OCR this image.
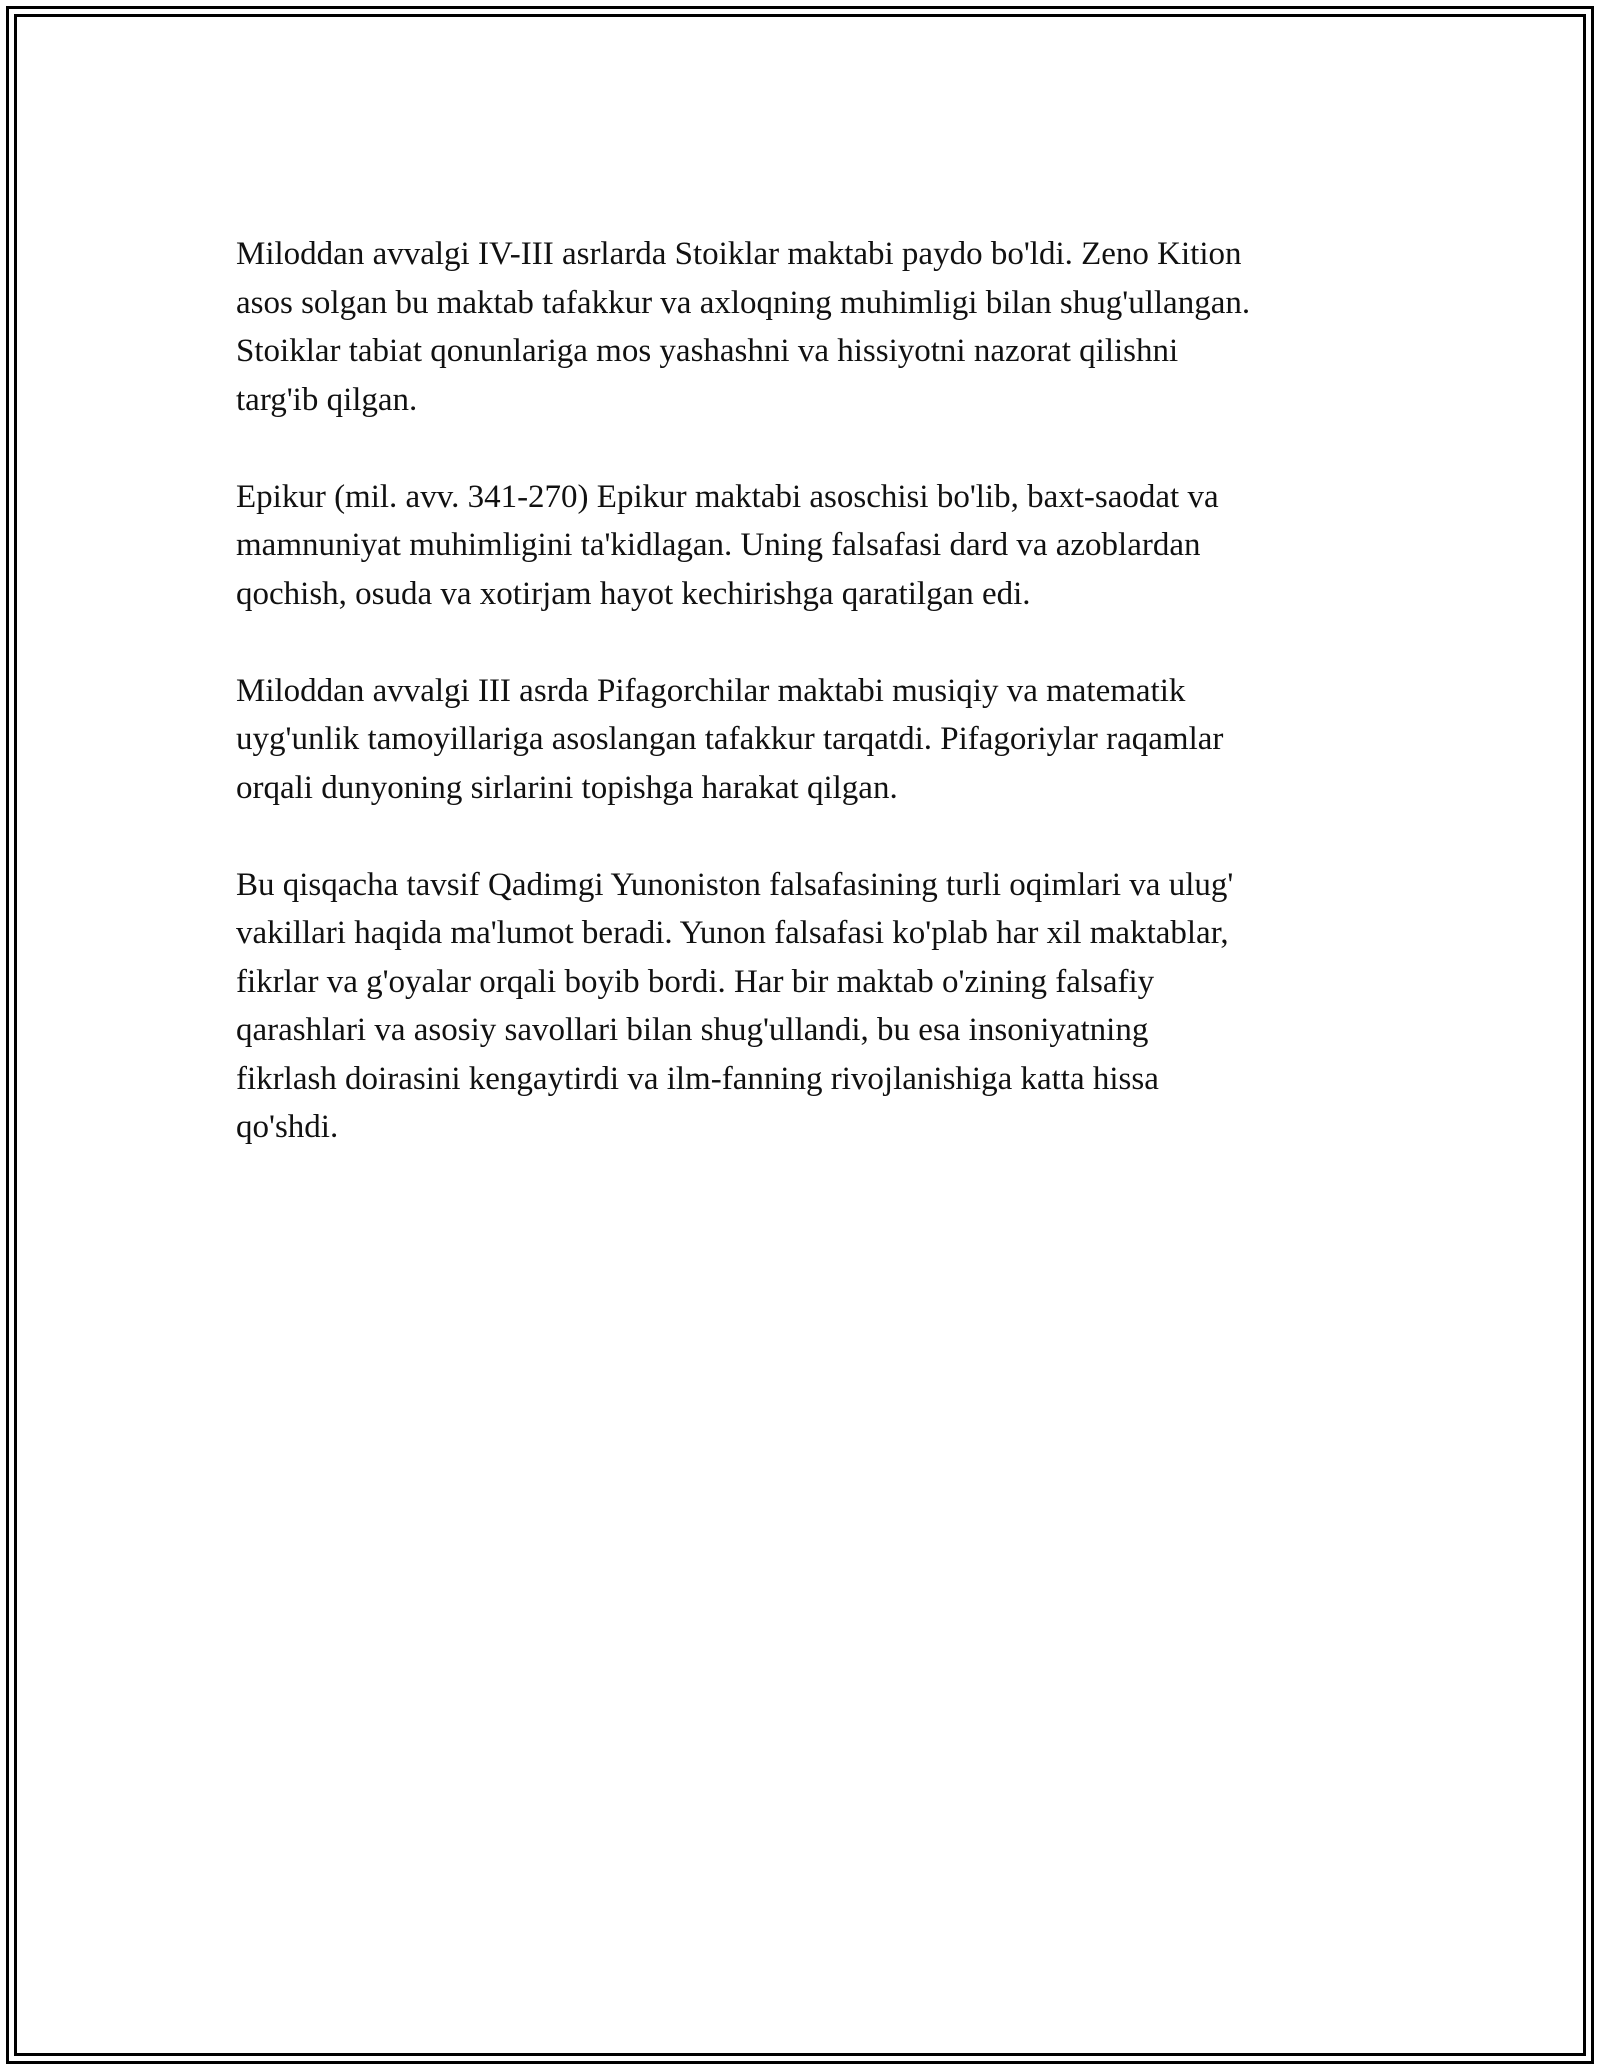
Miloddan avvalgi IV-III asrlarda Stoiklar maktabi paydo bo'ldi. Zeno Kition
asos solgan bu maktab tafakkur va axloqning muhimligi bilan shug'ullangan.
Stoiklar tabiat qonunlariga mos yashashni va hissiyotni nazorat qilishni
targ'ib qilgan.

Epikur (mil. avv. 341-270) Epikur maktabi asoschisi bo'lib, baxt-saodat va
mamnuniyat muhimligini ta'kidlagan. Uning falsafasi dard va azoblardan
qochish, osuda va xotirjam hayot kechirishga qaratilgan edi.

Miloddan avvalgi III asrda Pifagorchilar maktabi musiqiy va matematik
uyg'unlik tamoyillariga asoslangan tafakkur tarqatdi. Pifagoriylar raqamlar
orqali dunyoning sirlarini topishga harakat qilgan.

Bu qisqacha tavsif Qadimgi Yunoniston falsafasining turli oqimlari va ulug'
vakillari haqida ma'lumot beradi. Yunon falsafasi ko'plab har xil maktablar,
fikrlar va g'oyalar orqali boyib bordi. Har bir maktab o'zining falsafiy
qarashlari va asosiy savollari bilan shug'ullandi, bu esa insoniyatning
fikrlash doirasini kengaytirdi va ilm-fanning rivojlanishiga katta hissa
qo'shdi.
